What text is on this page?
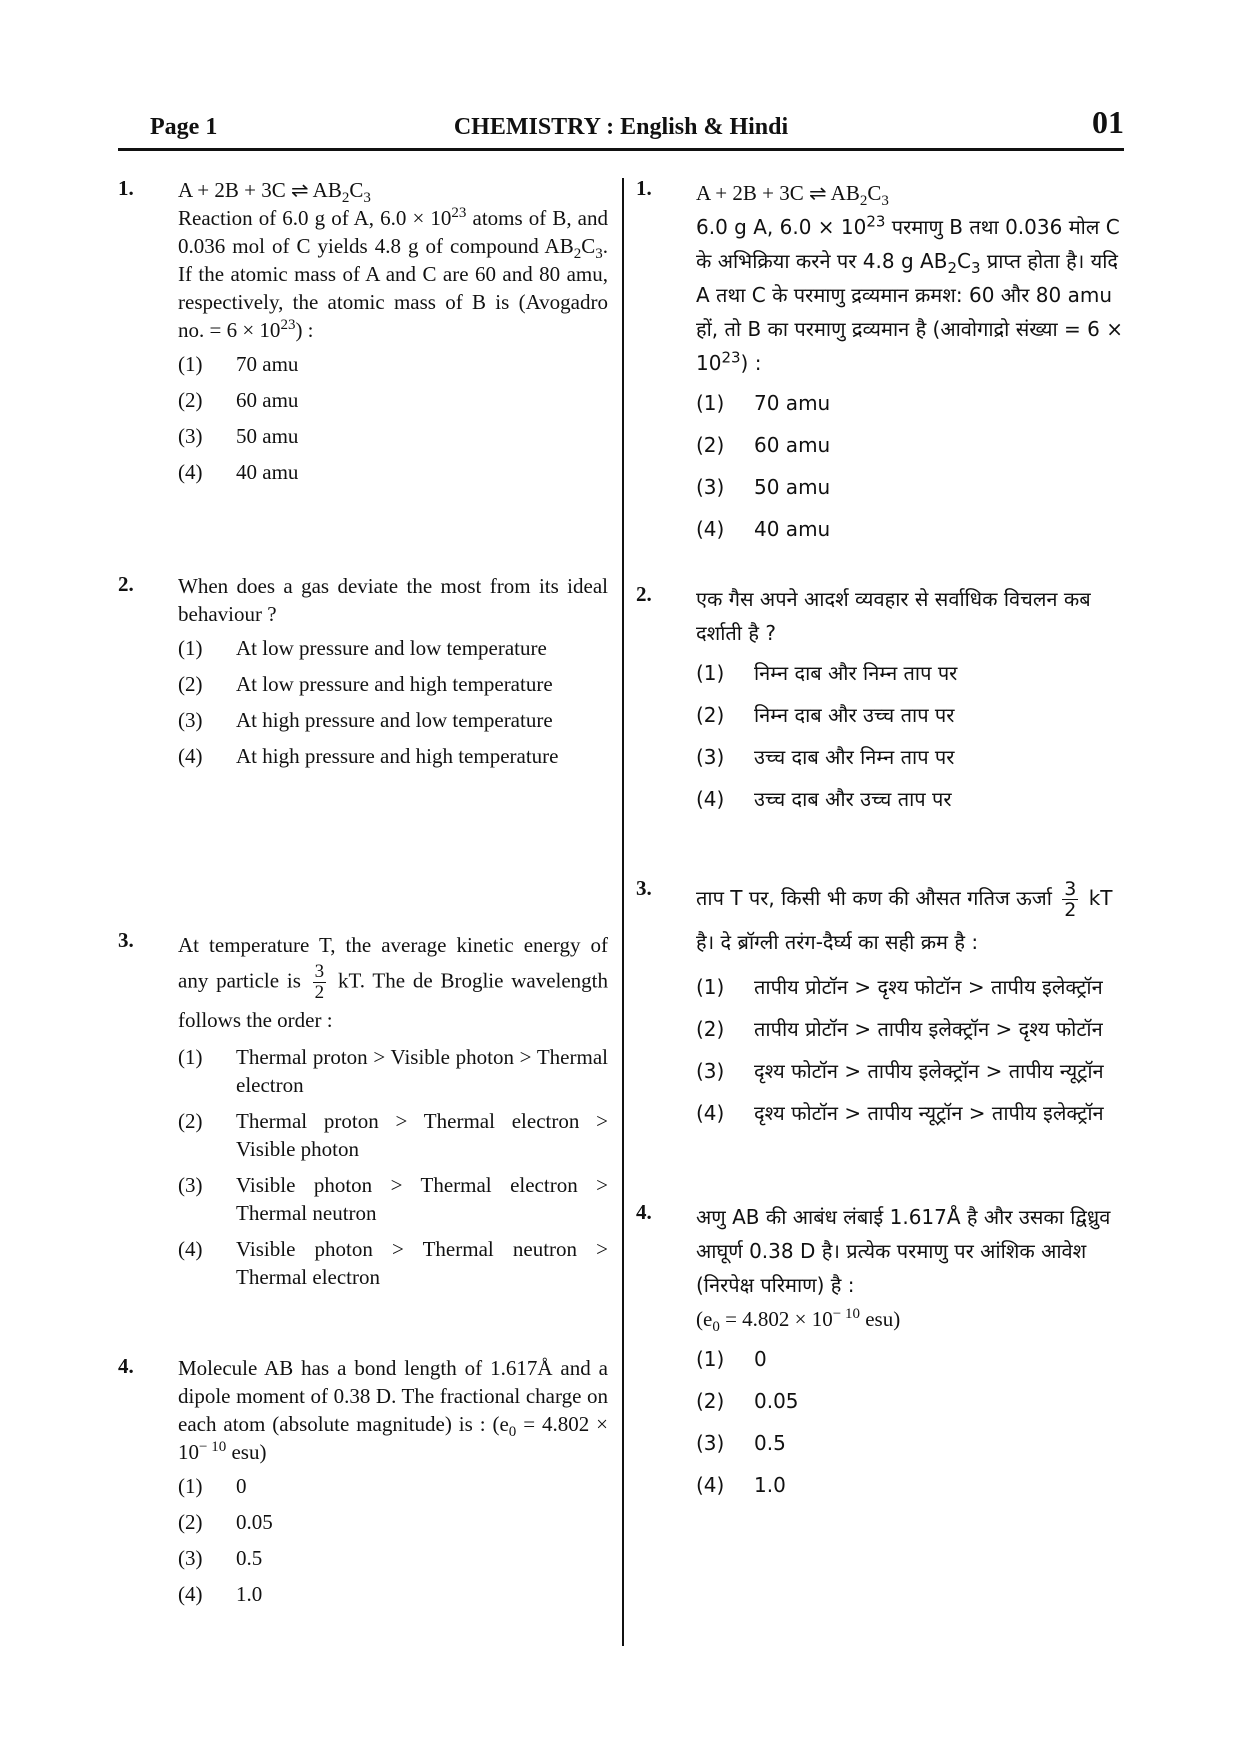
Page 1	CHEMISTRY : English & Hindi	01
1. A + 2B + 3C ⇌ $AB_2C_3$

Reaction of 6.0 g of A, $6.0 \times 10^{23}$ atoms of B, and 0.036 mol of C yields 4.8 g of compound $AB_2C_3$. If the atomic mass of A and C are 60 and 80 amu, respectively, the atomic mass of B is (Avogadro no. = $6 \times 10^{23}$) :

(1)	70 amu
(2)	60 amu
(3)	50 amu
(4)	40 amu
2. When does a gas deviate the most from its ideal behaviour ?

(1)	At low pressure and low temperature
(2)	At low pressure and high temperature
(3)	At high pressure and low temperature
(4)	At high pressure and high temperature
3. At temperature T, the average kinetic energy of any particle is $\frac{3}{2}$ kT. The de Broglie wavelength follows the order :

(1)	Thermal proton > Visible photon > Thermal electron
(2)	Thermal proton > Thermal electron > Visible photon
(3)	Visible photon > Thermal electron > Thermal neutron
(4)	Visible photon > Thermal neutron > Thermal electron
4. Molecule AB has a bond length of 1.617Å and a dipole moment of 0.38 D. The fractional charge on each atom (absolute magnitude) is : ($e_0 = 4.802 \times 10^{- 10}$ esu)

(1)	0
(2)	0.05
(3)	0.5
(4)	1.0
1. A + 2B + 3C ⇌ $AB_2C_3$

6.0 g A, $6.0 \times 10^{23}$ परमाणु B तथा 0.036 मोल C के अभिक्रिया करने पर 4.8 g $AB_2C_3$ प्राप्त होता है। यदि A तथा C के परमाणु द्रव्यमान क्रमश: 60 और 80 amu हों, तो B का परमाणु द्रव्यमान है (आवोगाद्रो संख्या = $6 \times 10^{23}$) :

(1)	70 amu
(2)	60 amu
(3)	50 amu
(4)	40 amu
2. एक गैस अपने आदर्श व्यवहार से सर्वाधिक विचलन कब दर्शाती है ?

(1)	निम्न दाब और निम्न ताप पर
(2)	निम्न दाब और उच्च ताप पर
(3)	उच्च दाब और निम्न ताप पर
(4)	उच्च दाब और उच्च ताप पर
3. ताप T पर, किसी भी कण की औसत गतिज ऊर्जा $\frac{3}{2}$ kT है। दे ब्रॉग्ली तरंग-दैर्घ्य का सही क्रम है :

(1)	तापीय प्रोटॉन > दृश्य फोटॉन > तापीय इलेक्ट्रॉन
(2)	तापीय प्रोटॉन > तापीय इलेक्ट्रॉन > दृश्य फोटॉन
(3)	दृश्य फोटॉन > तापीय इलेक्ट्रॉन > तापीय न्यूट्रॉन
(4)	दृश्य फोटॉन > तापीय न्यूट्रॉन > तापीय इलेक्ट्रॉन
4. अणु AB की आबंध लंबाई 1.617Å है और उसका द्विध्रुव आघूर्ण 0.38 D है। प्रत्येक परमाणु पर आंशिक आवेश (निरपेक्ष परिमाण) है :

($e_0 = 4.802 \times 10^{- 10}$ esu)

(1)	0
(2)	0.05
(3)	0.5
(4)	1.0
